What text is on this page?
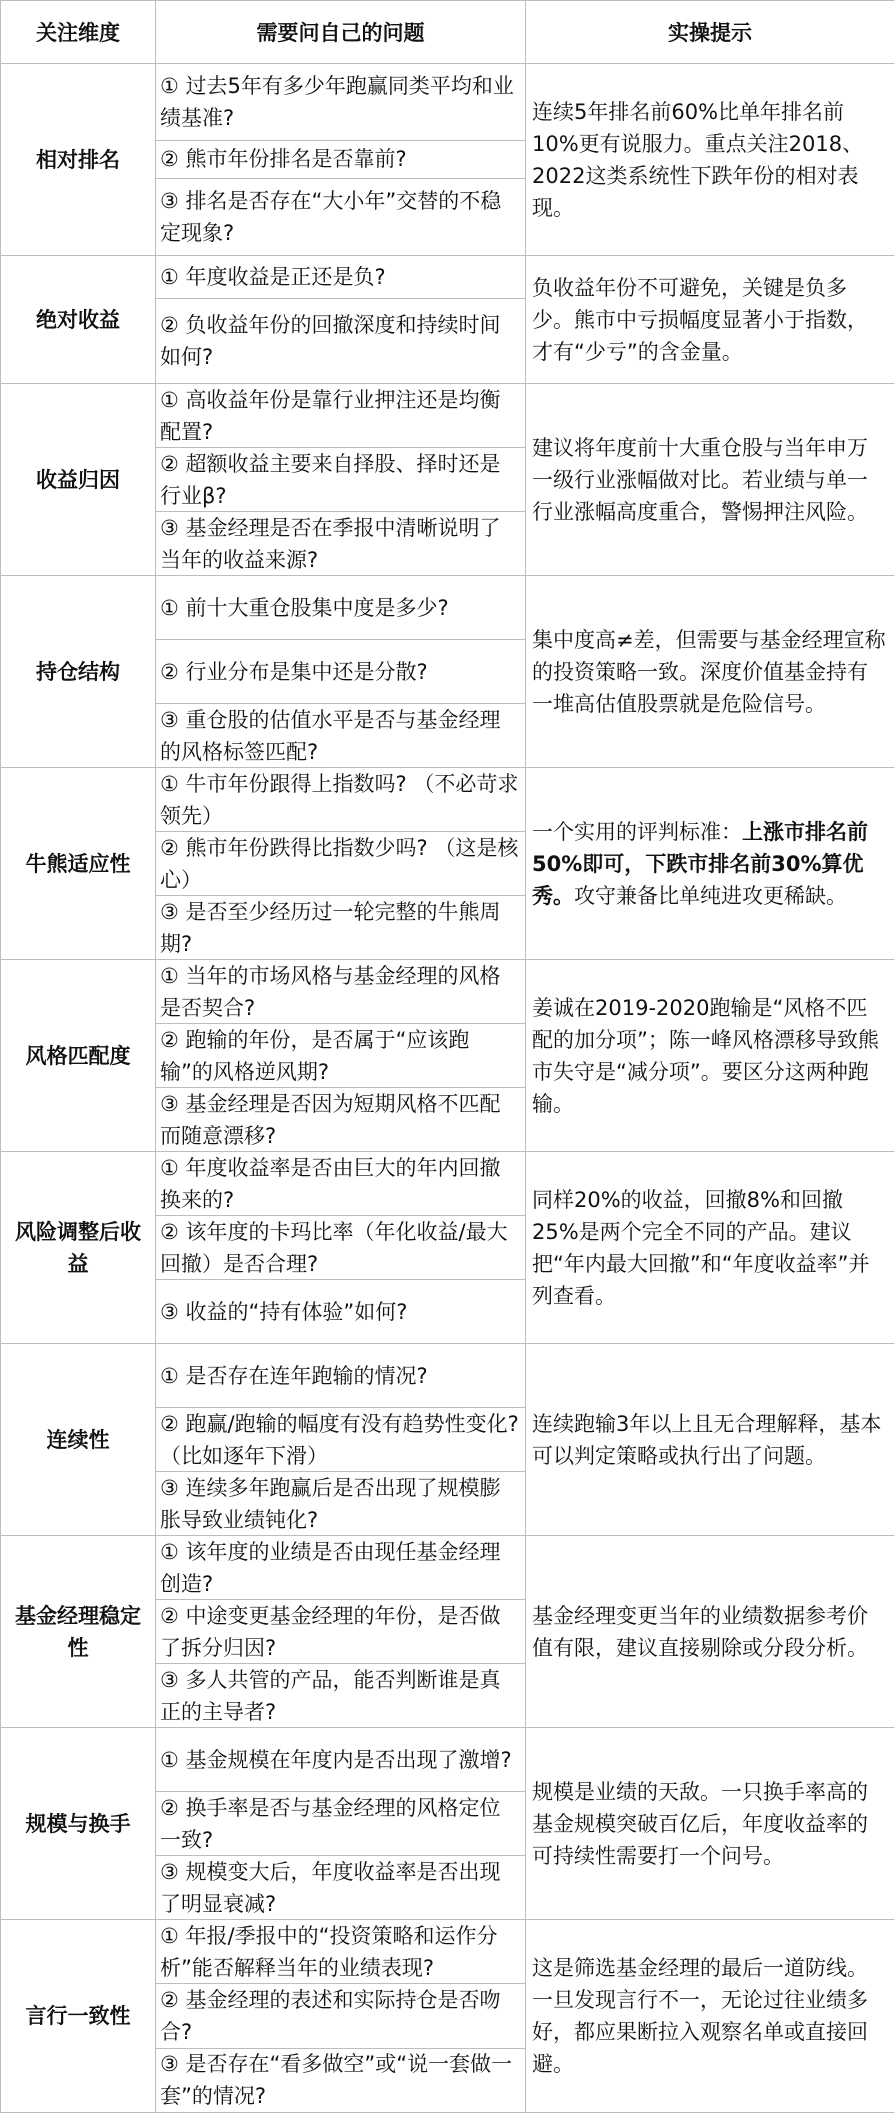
关注维度	需要问自己的问题	实操提示
相对排名	① 过去5年有多少年跑赢同类平均和业绩基准?
② 熊市年份排名是否靠前?
③ 排名是否存在“大小年”交替的不稳定现象?	连续5年排名前60%比单年排名前10%更有说服力。重点关注2018、2022这类系统性下跌年份的相对表现。
绝对收益	① 年度收益是正还是负?
② 负收益年份的回撤深度和持续时间如何?	负收益年份不可避免，关键是负多少。熊市中亏损幅度显著小于指数，才有“少亏”的含金量。
收益归因	① 高收益年份是靠行业押注还是均衡配置?
② 超额收益主要来自择股、择时还是行业β?
③ 基金经理是否在季报中清晰说明了当年的收益来源?	建议将年度前十大重仓股与当年申万一级行业涨幅做对比。若业绩与单一行业涨幅高度重合，警惕押注风险。
持仓结构	① 前十大重仓股集中度是多少?
② 行业分布是集中还是分散?
③ 重仓股的估值水平是否与基金经理的风格标签匹配?	集中度高≠差，但需要与基金经理宣称的投资策略一致。深度价值基金持有一堆高估值股票就是危险信号。
牛熊适应性	① 牛市年份跟得上指数吗? （不必苛求领先）
② 熊市年份跌得比指数少吗? （这是核心）
③ 是否至少经历过一轮完整的牛熊周期?	一个实用的评判标准：上涨市排名前50%即可，下跌市排名前30%算优秀。攻守兼备比单纯进攻更稀缺。
风格匹配度	① 当年的市场风格与基金经理的风格是否契合?
② 跑输的年份，是否属于“应该跑输”的风格逆风期?
③ 基金经理是否因为短期风格不匹配而随意漂移?	姜诚在2019-2020跑输是“风格不匹配的加分项”；陈一峰风格漂移导致熊市失守是“减分项”。要区分这两种跑输。
风险调整后收益	① 年度收益率是否由巨大的年内回撤换来的?
② 该年度的卡玛比率（年化收益/最大回撤）是否合理?
③ 收益的“持有体验”如何?	同样20%的收益，回撤8%和回撤25%是两个完全不同的产品。建议把“年内最大回撤”和“年度收益率”并列查看。
连续性	① 是否存在连年跑输的情况?
② 跑赢/跑输的幅度有没有趋势性变化? （比如逐年下滑）
③ 连续多年跑赢后是否出现了规模膨胀导致业绩钝化?	连续跑输3年以上且无合理解释，基本可以判定策略或执行出了问题。
基金经理稳定性	① 该年度的业绩是否由现任基金经理创造?
② 中途变更基金经理的年份，是否做了拆分归因?
③ 多人共管的产品，能否判断谁是真正的主导者?	基金经理变更当年的业绩数据参考价值有限，建议直接剔除或分段分析。
规模与换手	① 基金规模在年度内是否出现了激增?
② 换手率是否与基金经理的风格定位一致?
③ 规模变大后，年度收益率是否出现了明显衰减?	规模是业绩的天敌。一只换手率高的基金规模突破百亿后，年度收益率的可持续性需要打一个问号。
言行一致性	① 年报/季报中的“投资策略和运作分析”能否解释当年的业绩表现?
② 基金经理的表述和实际持仓是否吻合?
③ 是否存在“看多做空”或“说一套做一套”的情况?	这是筛选基金经理的最后一道防线。一旦发现言行不一，无论过往业绩多好，都应果断拉入观察名单或直接回避。
